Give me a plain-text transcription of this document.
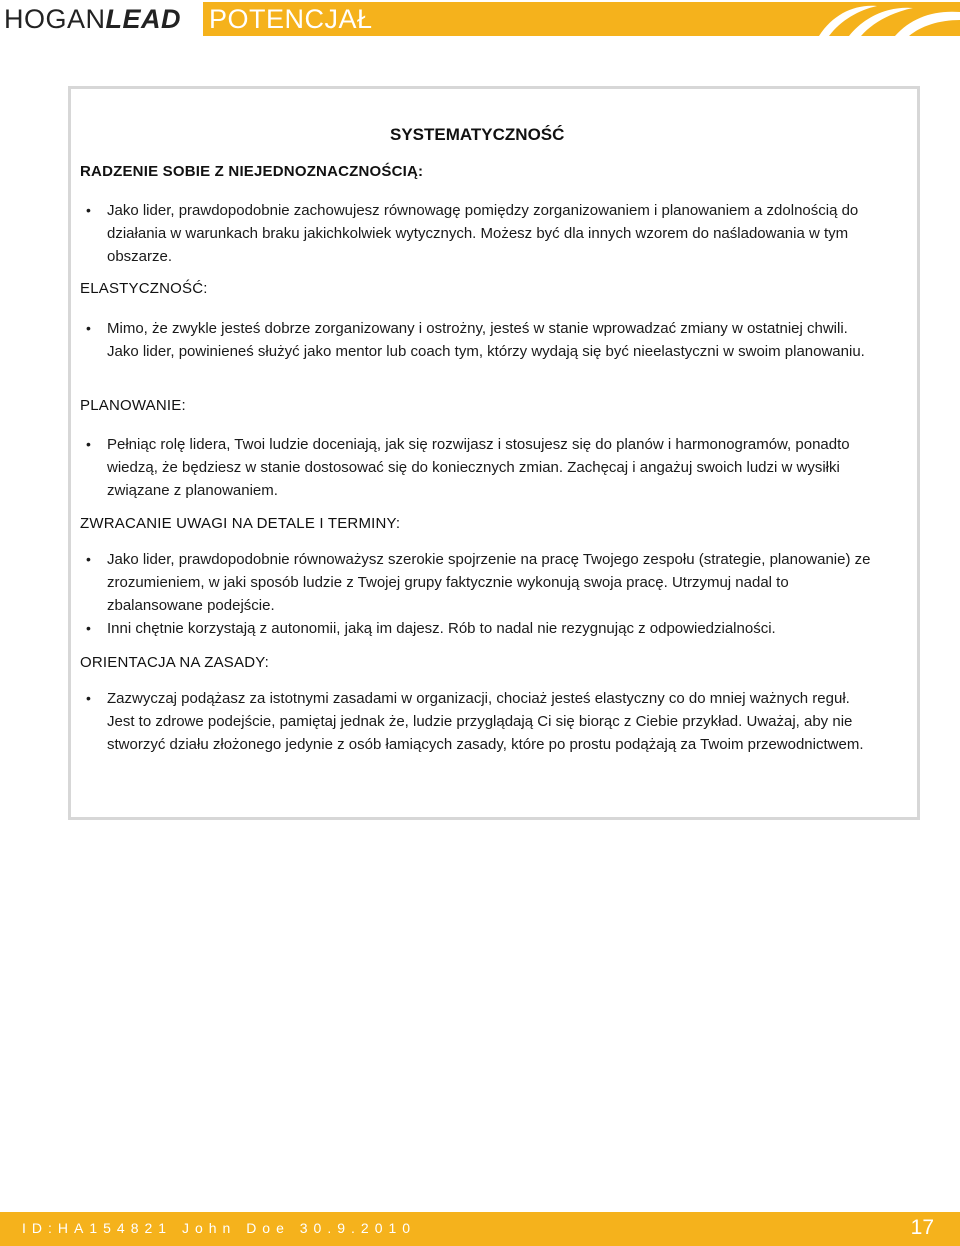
HOGANLEAD POTENCJAŁ
SYSTEMATYCZNOŚĆ
RADZENIE SOBIE Z NIEJEDNOZNACZNOŚCIĄ:
• Jako lider, prawdopodobnie zachowujesz równowagę pomiędzy zorganizowaniem i planowaniem a zdolnością do działania w warunkach braku jakichkolwiek wytycznych. Możesz być dla innych wzorem do naśladowania w tym obszarze.
ELASTYCZNOŚĆ:
• Mimo, że zwykle jesteś dobrze zorganizowany i ostrożny, jesteś w stanie wprowadzać zmiany w ostatniej chwili. Jako lider, powinieneś służyć jako mentor lub coach tym, którzy wydają się być nieelastyczni w swoim planowaniu.
PLANOWANIE:
• Pełniąc rolę lidera, Twoi ludzie doceniają, jak się rozwijasz i stosujesz się do planów i harmonogramów, ponadto wiedzą, że będziesz w stanie dostosować się do koniecznych zmian. Zachęcaj i angażuj swoich ludzi w wysiłki związane z planowaniem.
ZWRACANIE UWAGI NA DETALE I TERMINY:
• Jako lider, prawdopodobnie równoważysz szerokie spojrzenie na pracę Twojego zespołu (strategie, planowanie) ze zrozumieniem, w jaki sposób ludzie z Twojej grupy faktycznie wykonują swoja pracę. Utrzymuj nadal to zbalansowane podejście.
• Inni chętnie korzystają z autonomii, jaką im dajesz. Rób to nadal nie rezygnując z odpowiedzialności.
ORIENTACJA NA ZASADY:
• Zazwyczaj podążasz za istotnymi zasadami w organizacji, chociaż jesteś elastyczny co do mniej ważnych reguł. Jest to zdrowe podejście, pamiętaj jednak że, ludzie przyglądają Ci się biorąc z Ciebie przykład. Uważaj, aby nie stworzyć działu złożonego jedynie z osób łamiących zasady, które po prostu podążają za Twoim przewodnictwem.
ID:HA154821 John Doe 30.9.2010	17
